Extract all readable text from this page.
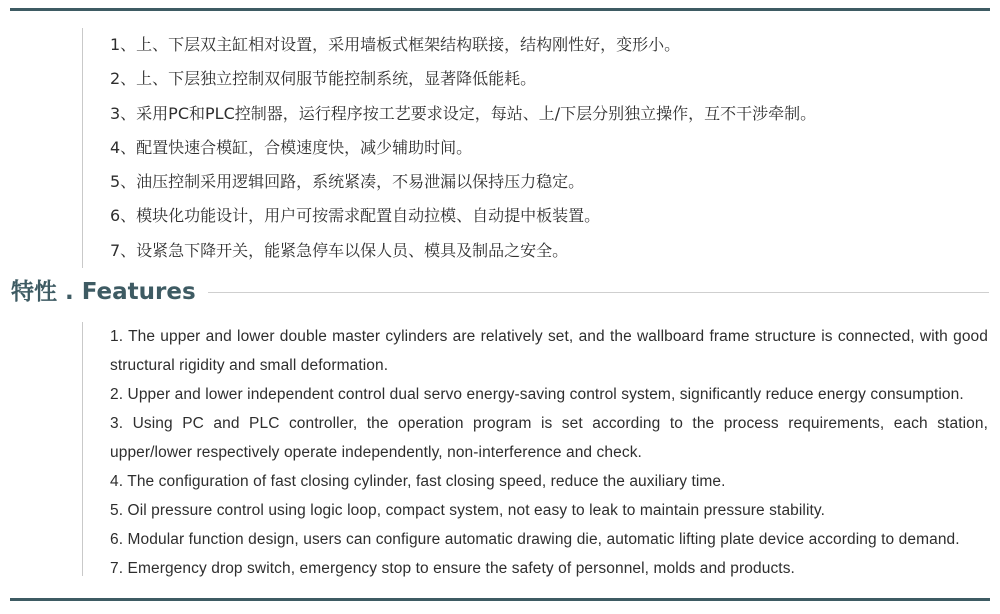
1、上、下层双主缸相对设置，采用墙板式框架结构联接，结构刚性好，变形小。
2、上、下层独立控制双伺服节能控制系统，显著降低能耗。
3、采用PC和PLC控制器，运行程序按工艺要求设定，每站、上/下层分别独立操作，互不干涉牵制。
4、配置快速合模缸，合模速度快，减少辅助时间。
5、油压控制采用逻辑回路，系统紧凑，不易泄漏以保持压力稳定。
6、模块化功能设计，用户可按需求配置自动拉模、自动提中板装置。
7、设紧急下降开关，能紧急停车以保人员、模具及制品之安全。
特性 . Features
1. The upper and lower double master cylinders are relatively set, and the wallboard frame structure is connected, with good structural rigidity and small deformation.
2. Upper and lower independent control dual servo energy-saving control system, significantly reduce energy consumption.
3. Using PC and PLC controller, the operation program is set according to the process requirements, each station, upper/lower respectively operate independently, non-interference and check.
4. The configuration of fast closing cylinder, fast closing speed, reduce the auxiliary time.
5. Oil pressure control using logic loop, compact system, not easy to leak to maintain pressure stability.
6. Modular function design, users can configure automatic drawing die, automatic lifting plate device according to demand.
7. Emergency drop switch, emergency stop to ensure the safety of personnel, molds and products.
